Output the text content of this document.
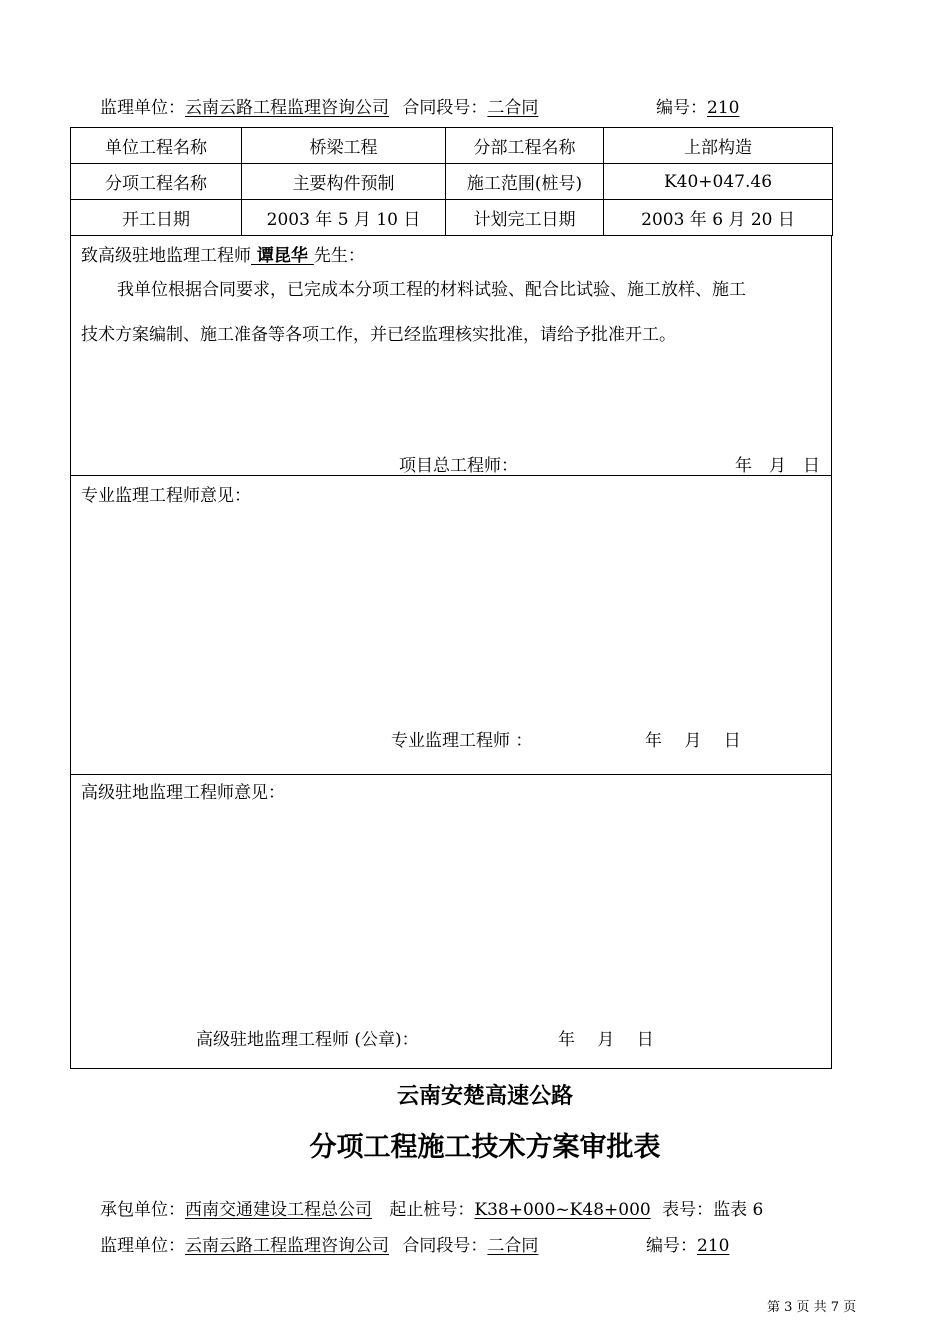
监理单位：云南云路工程监理咨询公司 合同段号：二合同	编号：210
单位工程名称	桥梁工程	分部工程名称	上部构造
分项工程名称	主要构件预制	施工范围(桩号)	K40+047.46
开工日期	2003 年 5 月 10 日	计划完工日期	2003 年 6 月 20 日
致高级驻地监理工程师 谭昆华 先生：
我单位根据合同要求，已完成本分项工程的材料试验、配合比试验、施工放样、施工
技术方案编制、施工准备等各项工作，并已经监理核实批准，请给予批准开工。
项目总工程师：	年　月　日
专业监理工程师意见：
专业监理工程师 ：	年　 月　 日
高级驻地监理工程师意见：
高级驻地监理工程师 (公章)：	年　 月　 日
云南安楚高速公路
分项工程施工技术方案审批表
承包单位：西南交通建设工程总公司 起止桩号：K38+000~K48+000 表号：监表 6
监理单位：云南云路工程监理咨询公司 合同段号：二合同	编号：210
第 3 页 共 7 页
